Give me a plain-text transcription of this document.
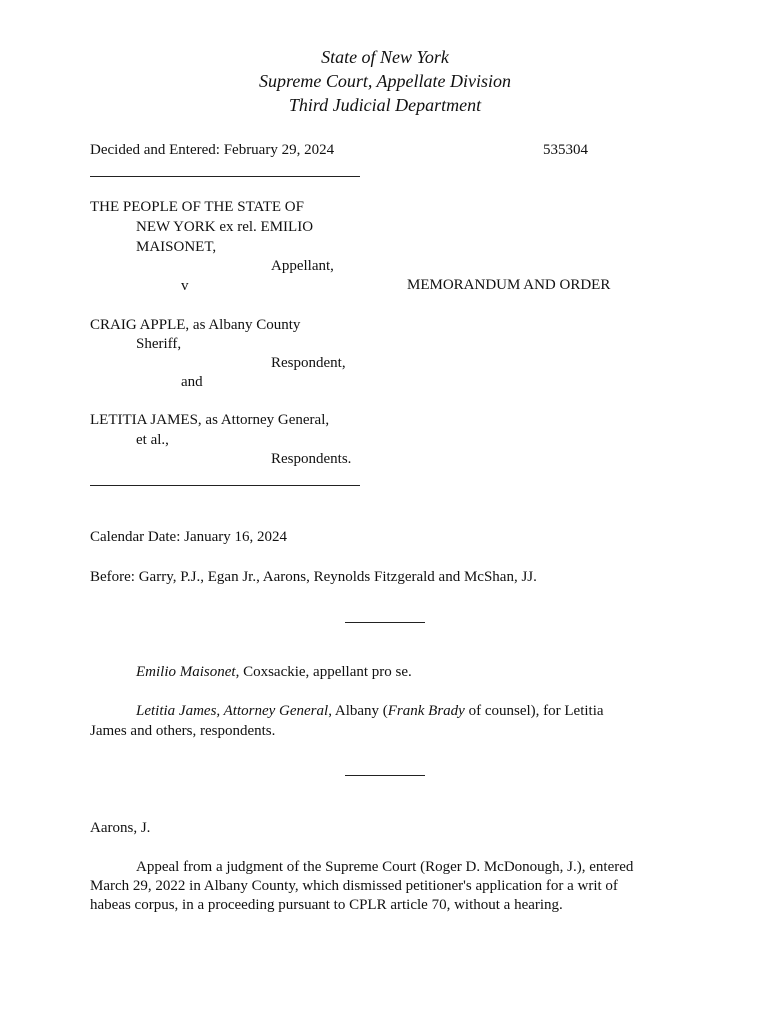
State of New York
Supreme Court, Appellate Division
Third Judicial Department
Decided and Entered: February 29, 2024	535304
THE PEOPLE OF THE STATE OF
NEW YORK ex rel. EMILIO
MAISONET,
Appellant,
v	MEMORANDUM AND ORDER
CRAIG APPLE, as Albany County
Sheriff,
Respondent,
and
LETITIA JAMES, as Attorney General,
et al.,
Respondents.
Calendar Date: January 16, 2024
Before: Garry, P.J., Egan Jr., Aarons, Reynolds Fitzgerald and McShan, JJ.
Emilio Maisonet, Coxsackie, appellant pro se.
Letitia James, Attorney General, Albany (Frank Brady of counsel), for Letitia
James and others, respondents.
Aarons, J.
Appeal from a judgment of the Supreme Court (Roger D. McDonough, J.), entered
March 29, 2022 in Albany County, which dismissed petitioner's application for a writ of
habeas corpus, in a proceeding pursuant to CPLR article 70, without a hearing.
